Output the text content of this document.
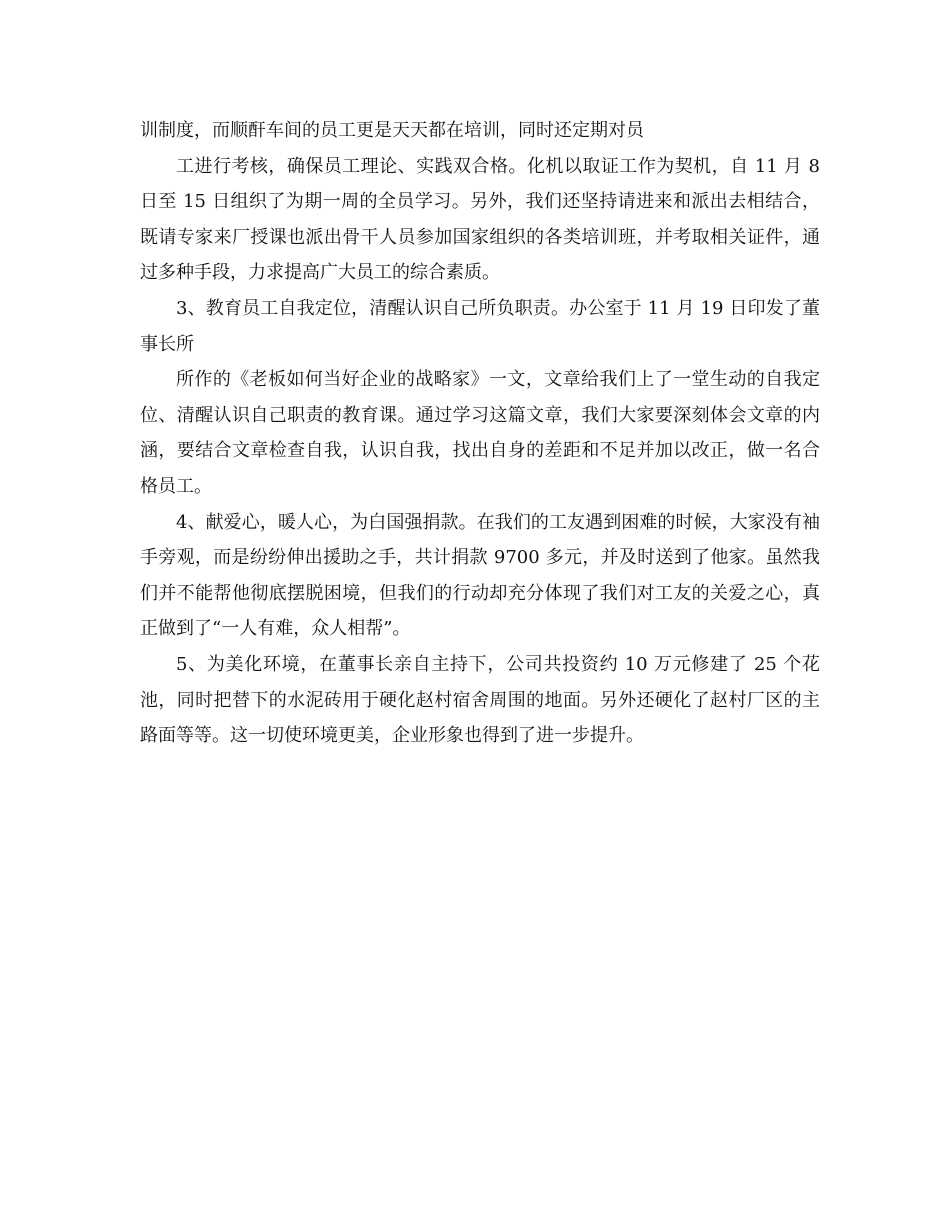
训制度，而顺酐车间的员工更是天天都在培训，同时还定期对员

工进行考核，确保员工理论、实践双合格。化机以取证工作为契机，自 11 月 8 日至 15 日组织了为期一周的全员学习。另外，我们还坚持请进来和派出去相结合，既请专家来厂授课也派出骨干人员参加国家组织的各类培训班，并考取相关证件，通过多种手段，力求提高广大员工的综合素质。

3、教育员工自我定位，清醒认识自己所负职责。办公室于 11 月 19 日印发了董事长所

所作的《老板如何当好企业的战略家》一文，文章给我们上了一堂生动的自我定位、清醒认识自己职责的教育课。通过学习这篇文章，我们大家要深刻体会文章的内涵，要结合文章检查自我，认识自我，找出自身的差距和不足并加以改正，做一名合格员工。

4、献爱心，暖人心，为白国强捐款。在我们的工友遇到困难的时候，大家没有袖手旁观，而是纷纷伸出援助之手，共计捐款 9700 多元，并及时送到了他家。虽然我们并不能帮他彻底摆脱困境，但我们的行动却充分体现了我们对工友的关爱之心，真正做到了“一人有难，众人相帮”。

5、为美化环境，在董事长亲自主持下，公司共投资约 10 万元修建了 25 个花池，同时把替下的水泥砖用于硬化赵村宿舍周围的地面。另外还硬化了赵村厂区的主路面等等。这一切使环境更美，企业形象也得到了进一步提升。
